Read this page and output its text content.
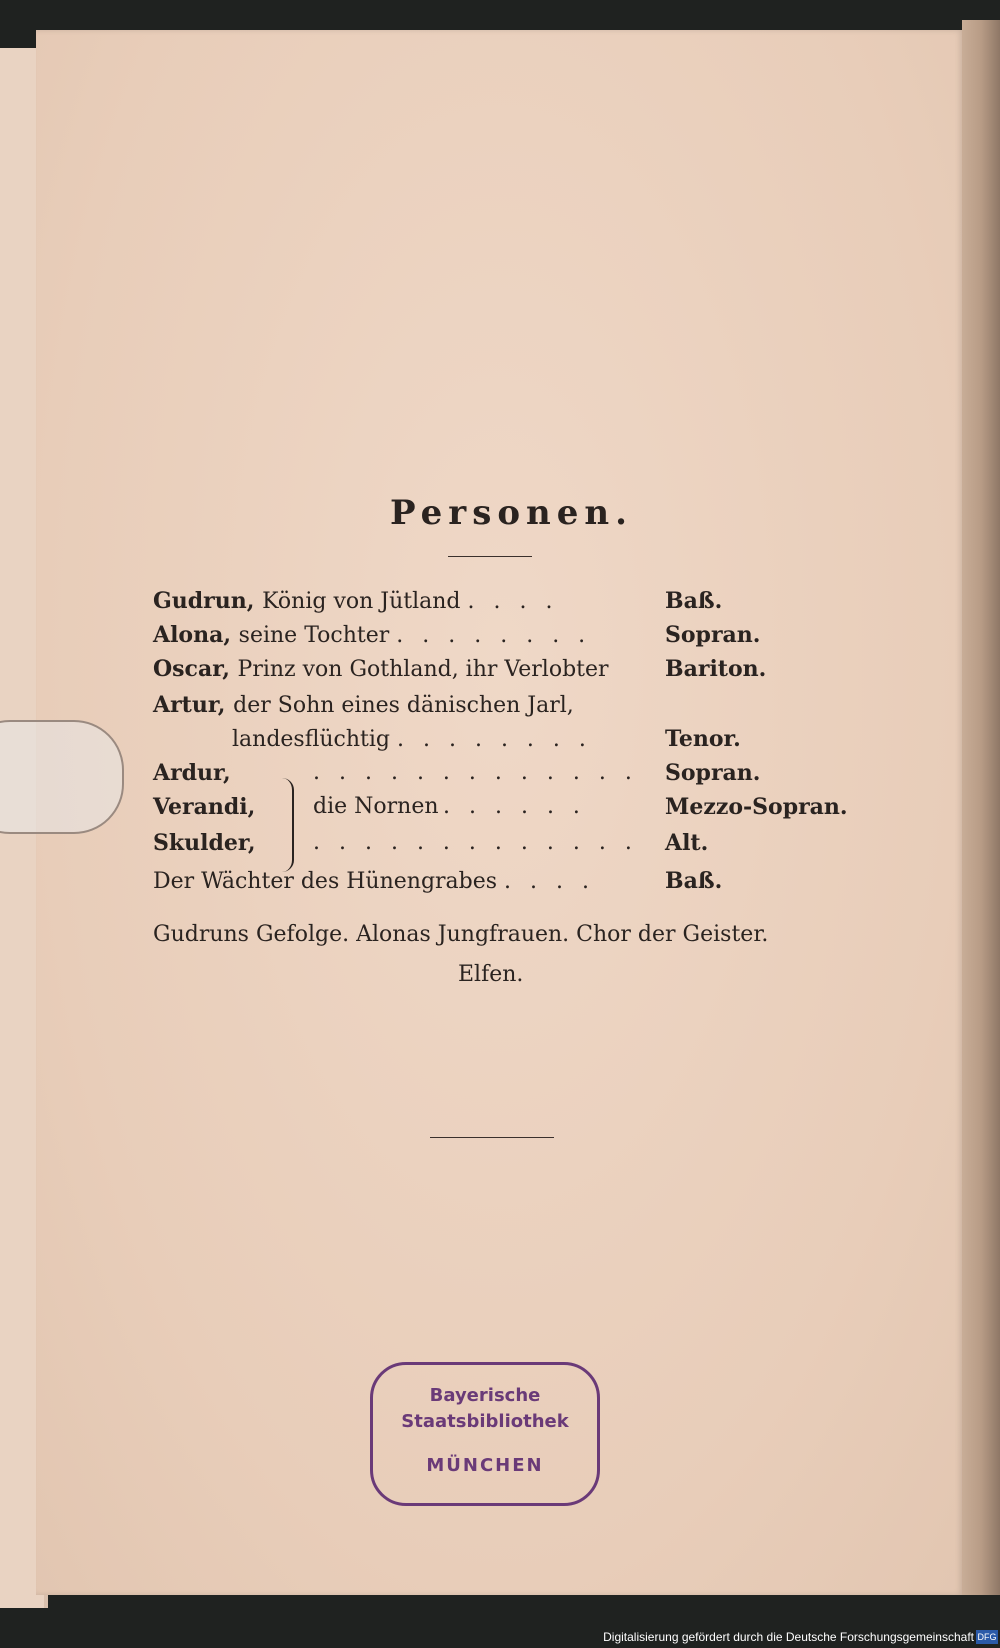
Personen.
Gudrun, König von Jütland . . . .	Baß.
Alona, seine Tochter . . . . . . . .	Sopran.
Oscar, Prinz von Gothland, ihr Verlobter	Bariton.
Artur, der Sohn eines dänischen Jarl,
landesflüchtig . . . . . . . .	Tenor.
Ardur,	. . . . . . . . . . . . . Sopran.
Verandi,	die Nornen . . . . . .	Mezzo-Sopran.
Skulder,	. . . . . . . . . . . . . Alt.
Der Wächter des Hünengrabes . . . .	Baß.
Gudruns Gefolge. Alonas Jungfrauen. Chor der Geister.
Elfen.
Bayerische
Staatsbibliothek
MÜNCHEN
Digitalisierung gefördert durch die Deutsche Forschungsgemeinschaft DFG
